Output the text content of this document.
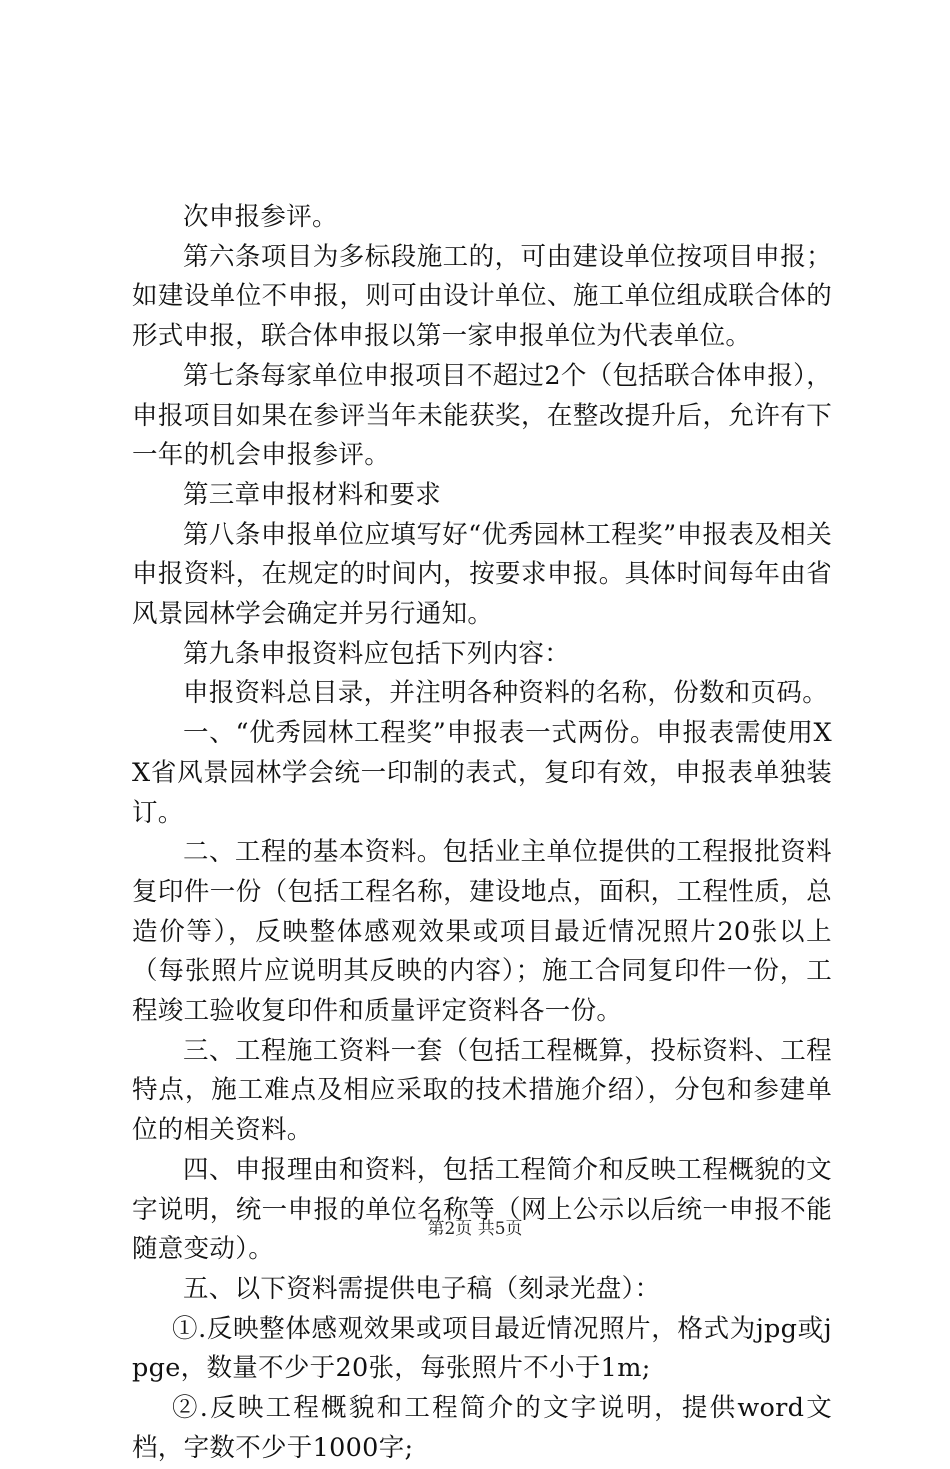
次申报参评。

第六条项目为多标段施工的，可由建设单位按项目申报；如建设单位不申报，则可由设计单位、施工单位组成联合体的形式申报，联合体申报以第一家申报单位为代表单位。

第七条每家单位申报项目不超过2个（包括联合体申报），申报项目如果在参评当年未能获奖，在整改提升后，允许有下一年的机会申报参评。

第三章申报材料和要求

第八条申报单位应填写好“优秀园林工程奖”申报表及相关申报资料，在规定的时间内，按要求申报。具体时间每年由省风景园林学会确定并另行通知。

第九条申报资料应包括下列内容：

申报资料总目录，并注明各种资料的名称，份数和页码。

一、“优秀园林工程奖”申报表一式两份。申报表需使用XX省风景园林学会统一印制的表式，复印有效，申报表单独装订。

二、工程的基本资料。包括业主单位提供的工程报批资料复印件一份（包括工程名称，建设地点，面积，工程性质，总造价等），反映整体感观效果或项目最近情况照片20张以上（每张照片应说明其反映的内容）；施工合同复印件一份，工程竣工验收复印件和质量评定资料各一份。

三、工程施工资料一套（包括工程概算，投标资料、工程特点，施工难点及相应采取的技术措施介绍），分包和参建单位的相关资料。

四、申报理由和资料，包括工程简介和反映工程概貌的文字说明，统一申报的单位名称等（网上公示以后统一申报不能随意变动）。

五、以下资料需提供电子稿（刻录光盘）：

①.反映整体感观效果或项目最近情况照片，格式为jpg或jpge，数量不少于20张，每张照片不小于1m;

②.反映工程概貌和工程简介的文字说明，提供word文档，字数不少于1000字;

第2页 共5页
